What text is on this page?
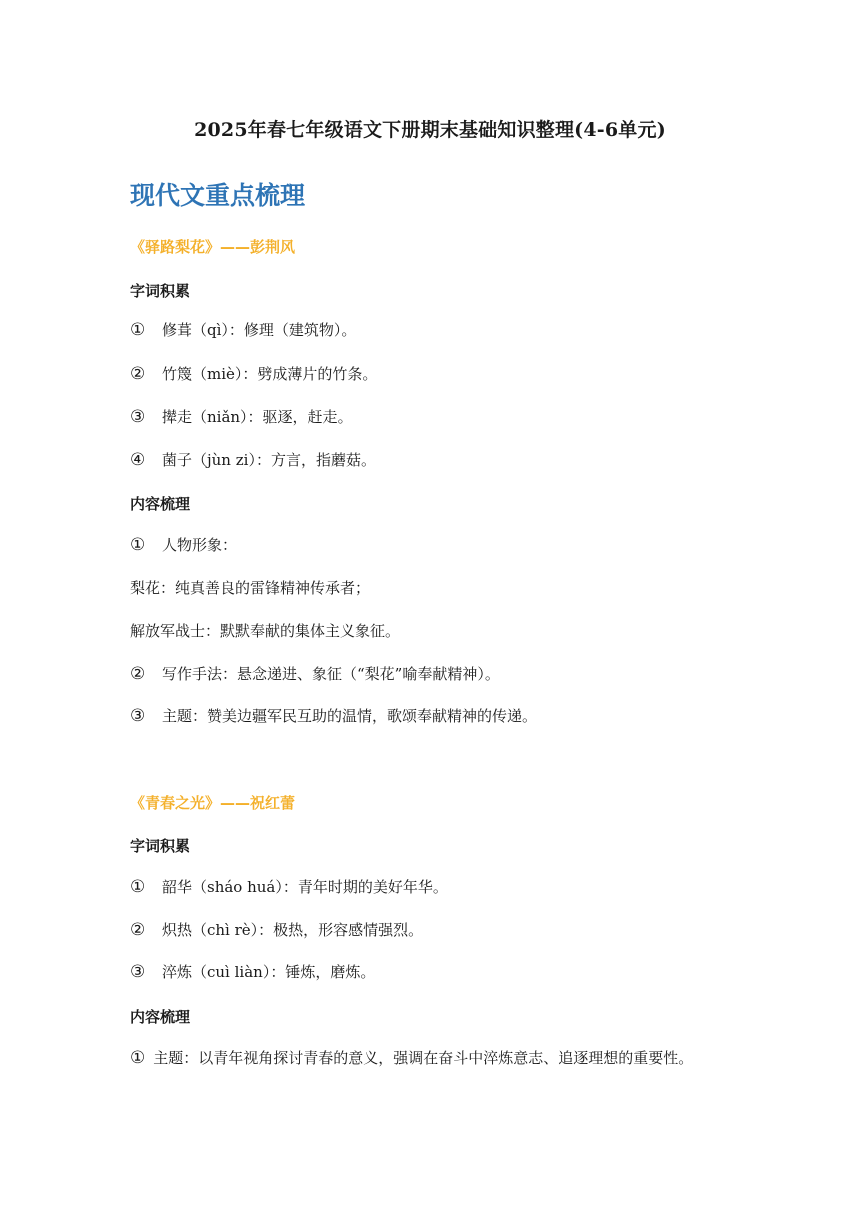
2025年春七年级语文下册期末基础知识整理(4-6单元)
现代文重点梳理
《驿路梨花》——彭荆风
字词积累
① 修葺（qì）：修理（建筑物）。
② 竹篾（miè）：劈成薄片的竹条。
③ 撵走（niǎn）：驱逐，赶走。
④ 菌子（jùn zi）：方言，指蘑菇。
内容梳理
① 人物形象：
梨花：纯真善良的雷锋精神传承者；
解放军战士：默默奉献的集体主义象征。
② 写作手法：悬念递进、象征（“梨花”喻奉献精神）。
③ 主题：赞美边疆军民互助的温情，歌颂奉献精神的传递。
《青春之光》——祝红蕾
字词积累
① 韶华（sháo huá）：青年时期的美好年华。
② 炽热（chì rè）：极热，形容感情强烈。
③ 淬炼（cuì liàn）：锤炼，磨炼。
内容梳理
① 主题：以青年视角探讨青春的意义，强调在奋斗中淬炼意志、追逐理想的重要性。
